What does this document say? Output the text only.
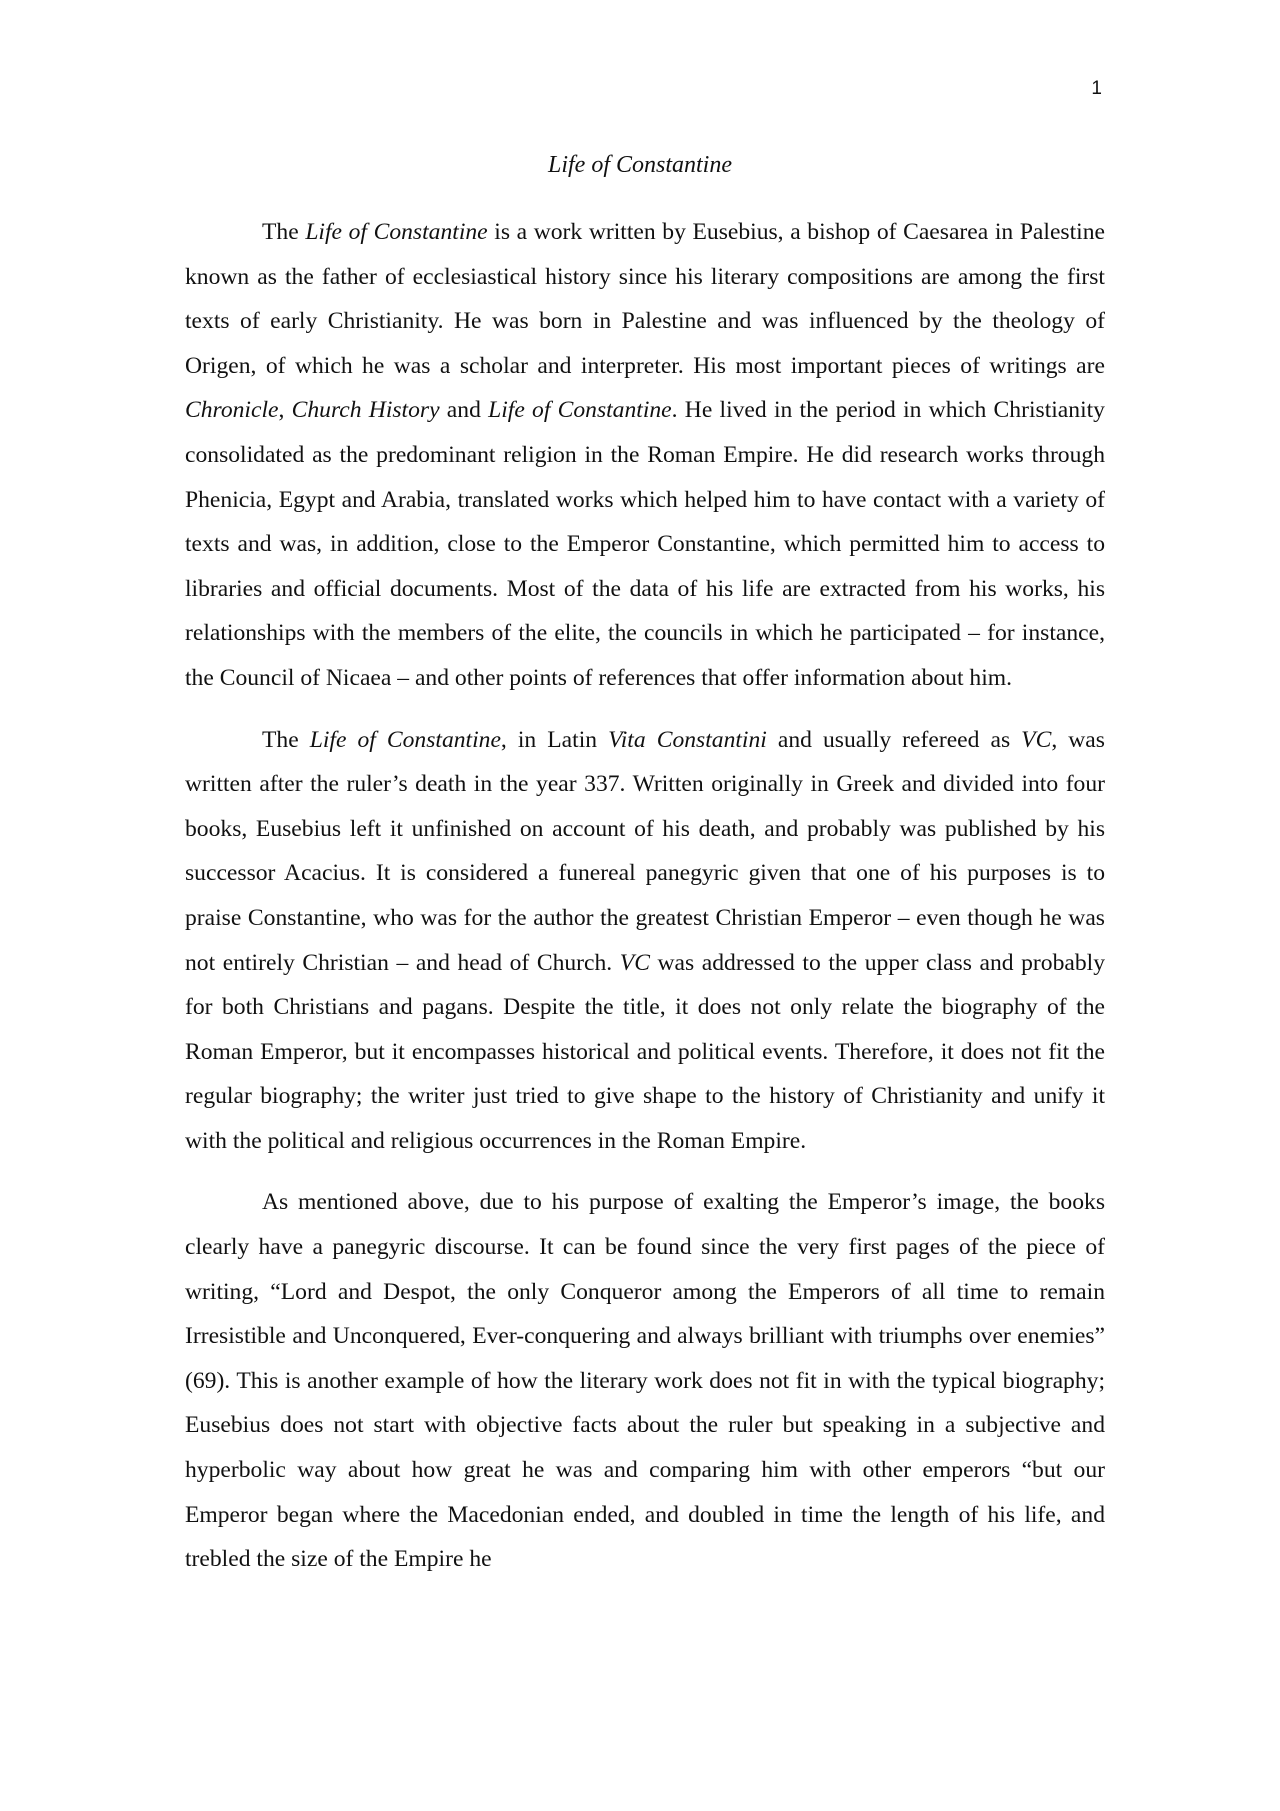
1
Life of Constantine

The Life of Constantine is a work written by Eusebius, a bishop of Caesarea in Palestine known as the father of ecclesiastical history since his literary compositions are among the first texts of early Christianity. He was born in Palestine and was influenced by the theology of Origen, of which he was a scholar and interpreter. His most important pieces of writings are Chronicle, Church History and Life of Constantine. He lived in the period in which Christianity consolidated as the predominant religion in the Roman Empire. He did research works through Phenicia, Egypt and Arabia, translated works which helped him to have contact with a variety of texts and was, in addition, close to the Emperor Constantine, which permitted him to access to libraries and official documents. Most of the data of his life are extracted from his works, his relationships with the members of the elite, the councils in which he participated – for instance, the Council of Nicaea – and other points of references that offer information about him.

The Life of Constantine, in Latin Vita Constantini and usually refereed as VC, was written after the ruler’s death in the year 337. Written originally in Greek and divided into four books, Eusebius left it unfinished on account of his death, and probably was published by his successor Acacius. It is considered a funereal panegyric given that one of his purposes is to praise Constantine, who was for the author the greatest Christian Emperor – even though he was not entirely Christian – and head of Church. VC was addressed to the upper class and probably for both Christians and pagans. Despite the title, it does not only relate the biography of the Roman Emperor, but it encompasses historical and political events. Therefore, it does not fit the regular biography; the writer just tried to give shape to the history of Christianity and unify it with the political and religious occurrences in the Roman Empire.

As mentioned above, due to his purpose of exalting the Emperor’s image, the books clearly have a panegyric discourse. It can be found since the very first pages of the piece of writing, “Lord and Despot, the only Conqueror among the Emperors of all time to remain Irresistible and Unconquered, Ever-conquering and always brilliant with triumphs over enemies” (69). This is another example of how the literary work does not fit in with the typical biography; Eusebius does not start with objective facts about the ruler but speaking in a subjective and hyperbolic way about how great he was and comparing him with other emperors “but our Emperor began where the Macedonian ended, and doubled in time the length of his life, and trebled the size of the Empire he
